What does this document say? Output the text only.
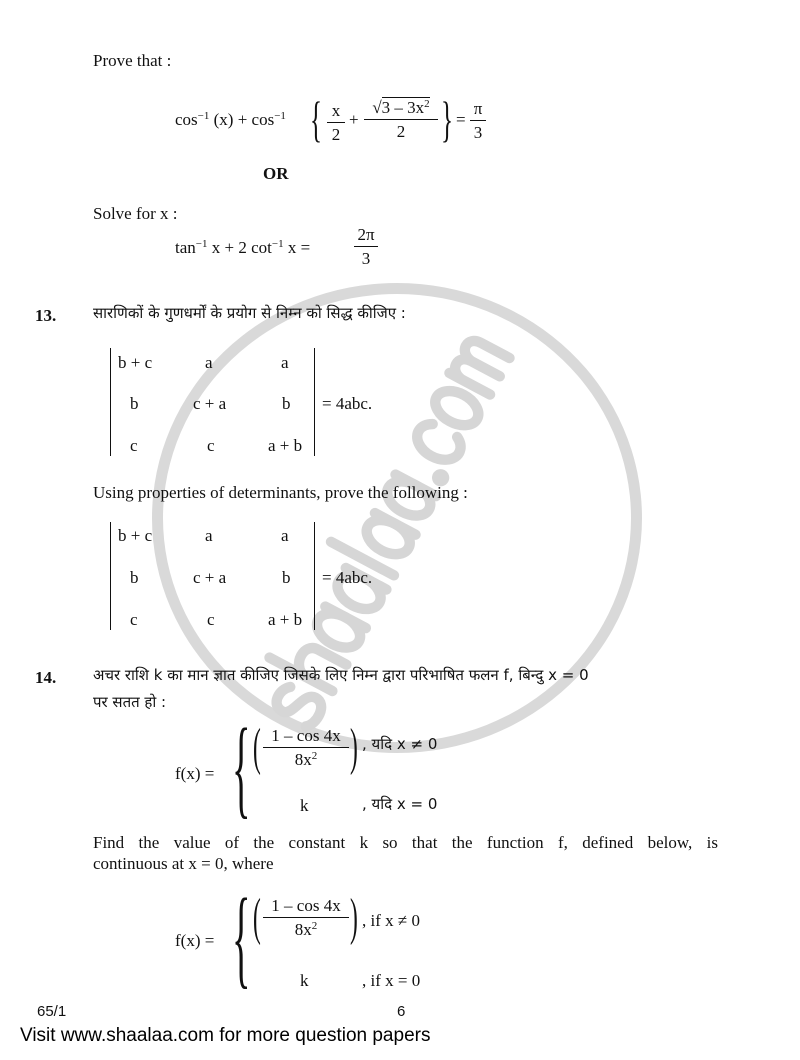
Prove that :
$\cos^{-1} (x) + \cos^{-1}$ { $\frac{x}{2} + \frac{√3 - 3x^2}{2}$ } = $\frac{\pi}{3}$
OR
Solve for x :
$\tan^{-1} x + 2$ $\cot^{-1} x$ =	$\frac{2\pi}{3}$
13. सारणिकों के गुणधर्मों के प्रयोग से निम्न को सिद्ध कीजिए :
b + c	a	a
b	c + a	b
c	c	a + b
= 4abc.
Using properties of determinants, prove the following :
b + c	a	a
b	c + a	b
c	c	a + b
= 4abc.
14. अचर राशि k का मान ज्ञात कीजिए जिसके लिए निम्न द्वारा परिभाषित फलन f, बिन्दु x = 0
पर सतत हो :
f(x) = { ( $\frac{1 - \cos 4x}{8x^2}$ ) , यदि x ≠ 0
k	, यदि x = 0
Find the value of the constant k so that the function f, defined below, is
continuous at x = 0, where
f(x) = { ( $\frac{1 - \cos 4x}{8x^2}$ ) , if x ≠ 0
k	, if x = 0
65/1	6
Visit www.shaalaa.com for more question papers
